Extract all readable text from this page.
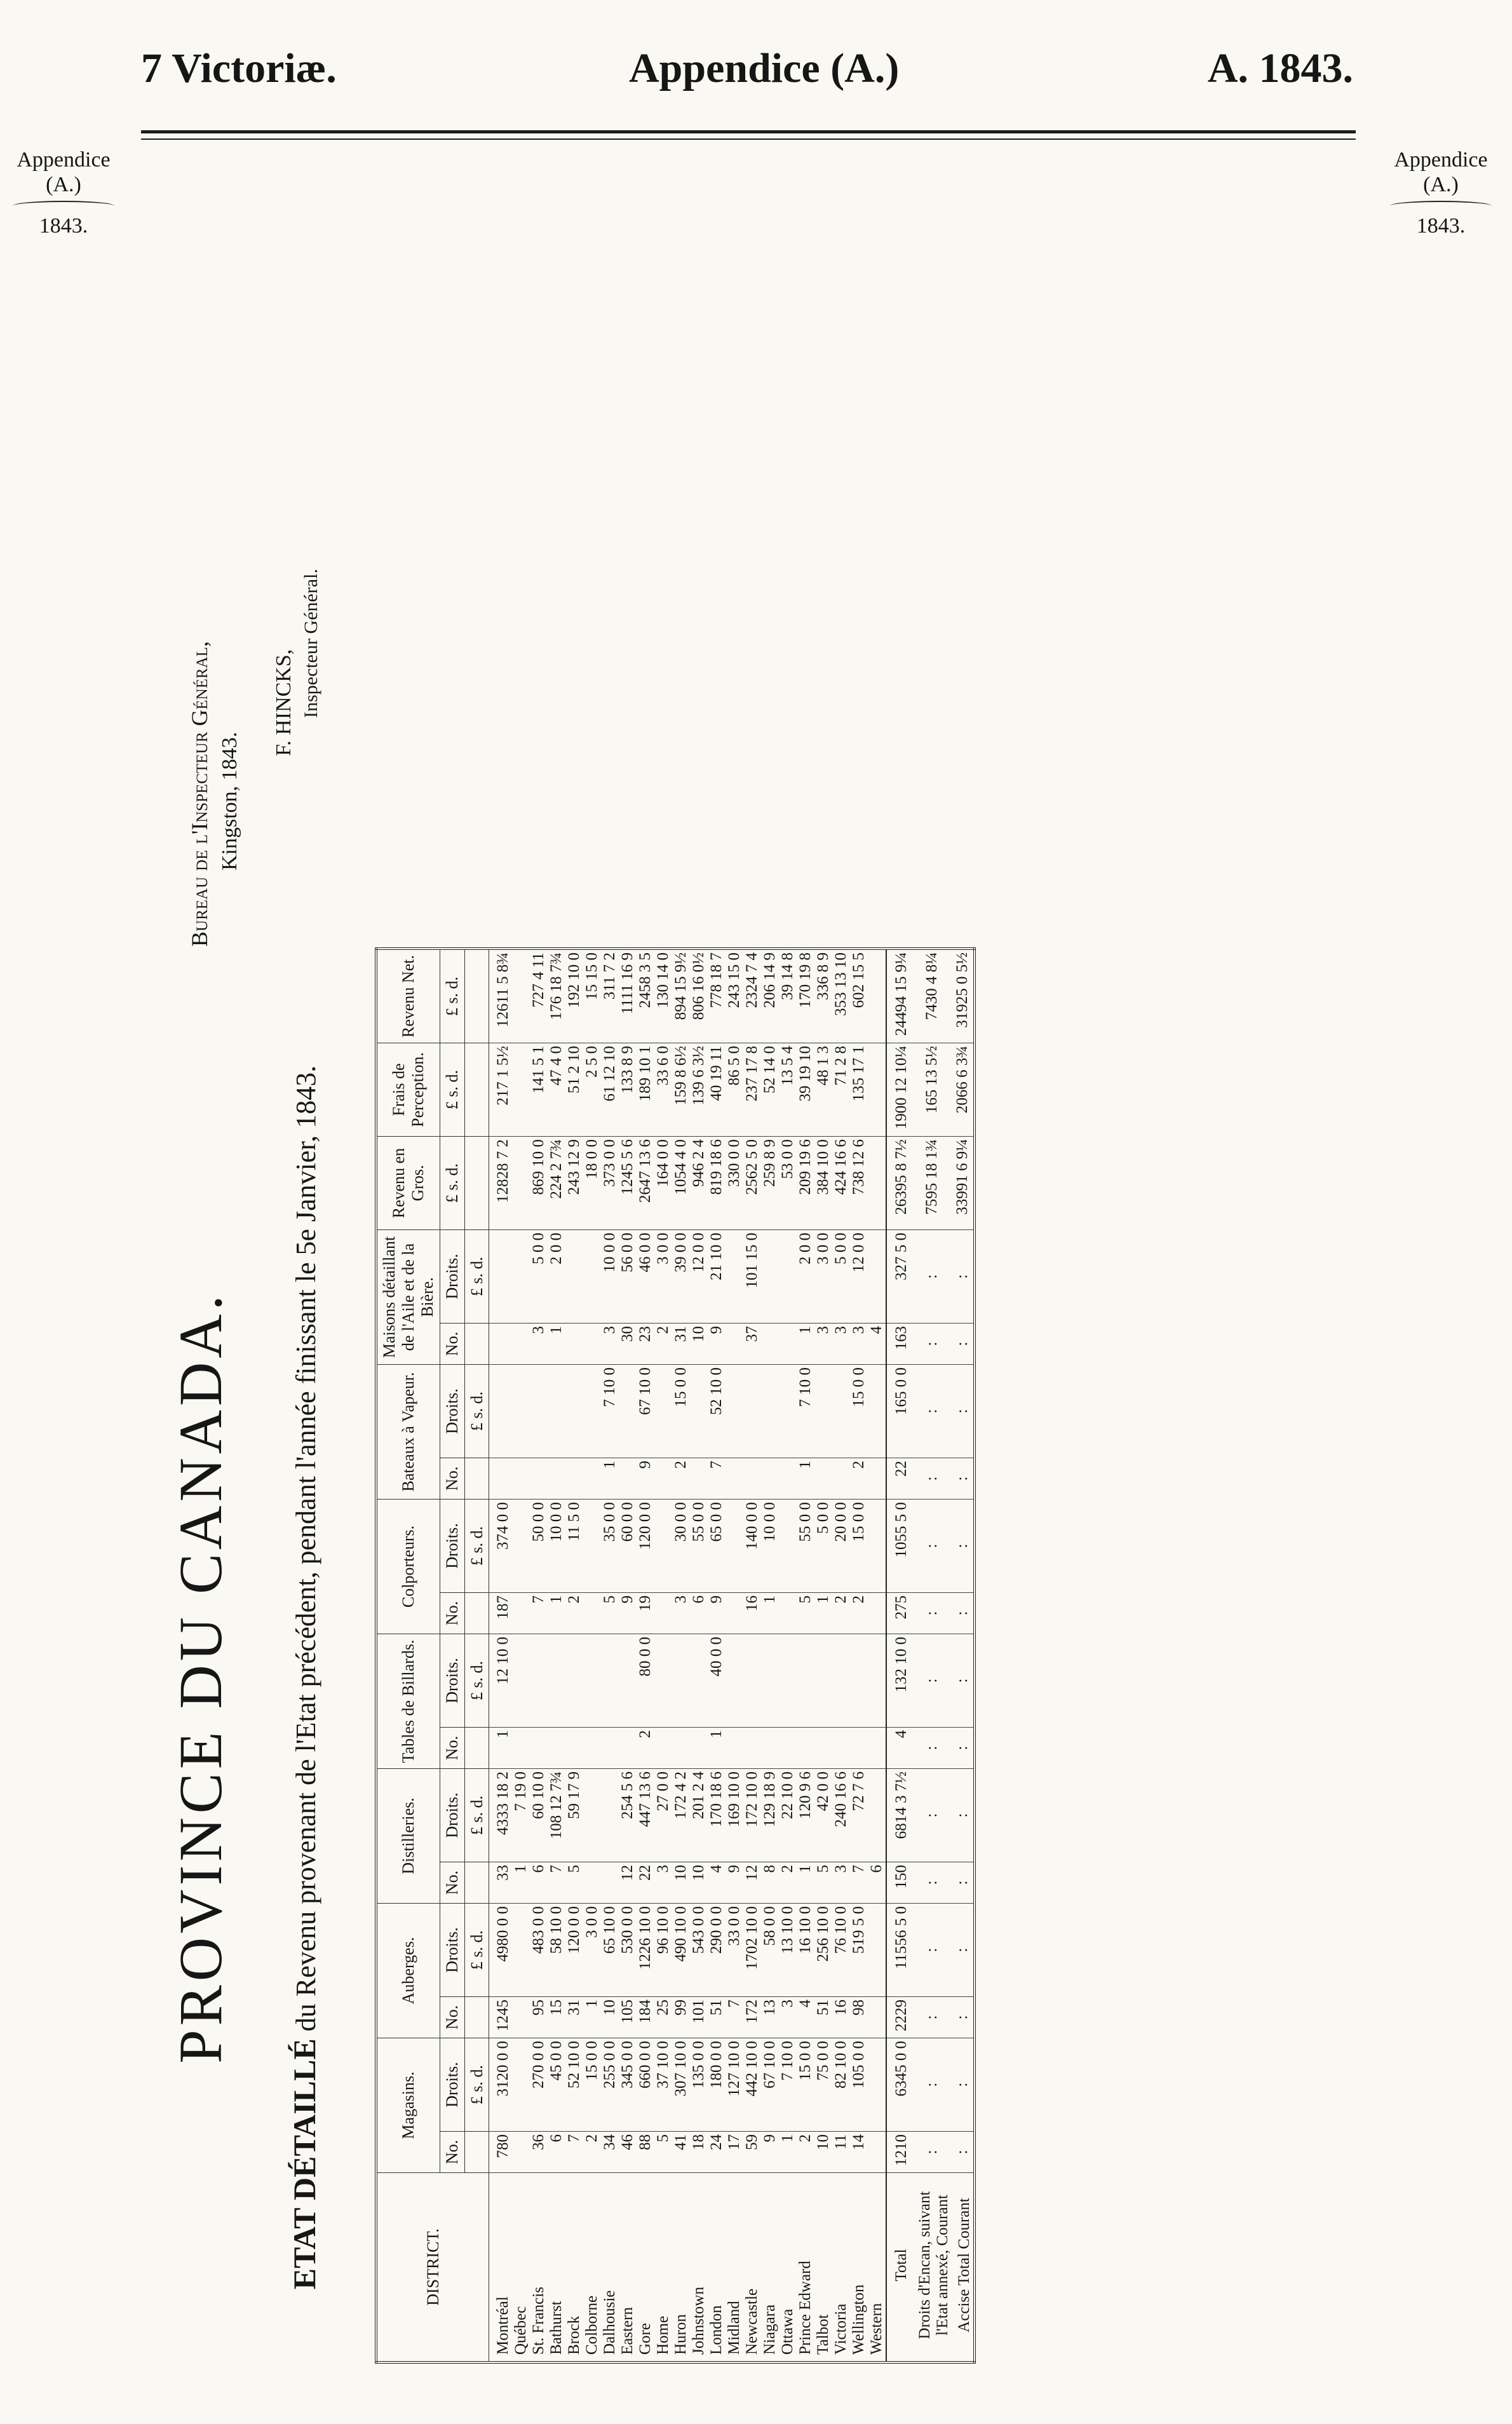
7 Victoriæ.	Appendice (A.)	A. 1843.
Appendice
(A.)
1843.
Appendice
(A.)
1843.
PROVINCE DU CANADA.
ETAT DÉTAILLÉ du Revenu provenant de l'Etat précédent, pendant l'année finissant le 5e Janvier, 1843.
DISTRICT.	Magasins.		Auberges.		Distilleries.		Tables de Billards.		Colporteurs.		Bateaux à Vapeur.		Maisons détaillant de l'Aile et de la Bière.		Revenu en Gros.	Frais de Perception.	Revenu Net.
	No.	Droits.	No.	Droits.	No.	Droits.	No.	Droits.	No.	Droits.	No.	Droits.	No.	Droits.	£ s. d.	£ s. d.	£ s. d.
		£ s. d.		£ s. d.		£ s. d.		£ s. d.		£ s. d.		£ s. d.		£ s. d.			
Montréal	780	3120 0 0	1245	4980 0 0	33	4333 18 2	1	12 10 0	187	374 0 0					12828 7 2	217 1 5½	12611 5 8¾
Québec					1	7 19 0											
St. Francis	36	270 0 0	95	483 0 0	6	60 10 0			7	50 0 0			3	5 0 0	869 10 0	141 5 1	727 4 11
Bathurst	6	45 0 0	15	58 10 0	7	108 12 7¾			1	10 0 0			1	2 0 0	224 2 7¾	47 4 0	176 18 7¾
Brock	7	52 10 0	31	120 0 0	5	59 17 9			2	11 5 0					243 12 9	51 2 10	192 10 0
Colborne	2	15 0 0	1	3 0 0											18 0 0	2 5 0	15 15 0
Dalhousie	34	255 0 0	10	65 10 0					5	35 0 0	1	7 10 0	3	10 0 0	373 0 0	61 12 10	311 7 2
Eastern	46	345 0 0	105	530 0 0	12	254 5 6			9	60 0 0			30	56 0 0	1245 5 6	133 8 9	1111 16 9
Gore	88	660 0 0	184	1226 10 0	22	447 13 6	2	80 0 0	19	120 0 0	9	67 10 0	23	46 0 0	2647 13 6	189 10 1	2458 3 5
Home	5	37 10 0	25	96 10 0	3	27 0 0							2	3 0 0	164 0 0	33 6 0	130 14 0
Huron	41	307 10 0	99	490 10 0	10	172 4 2			3	30 0 0	2	15 0 0	31	39 0 0	1054 4 0	159 8 6½	894 15 9½
Johnstown	18	135 0 0	101	543 0 0	10	201 2 4			6	55 0 0			10	12 0 0	946 2 4	139 6 3½	806 16 0½
London	24	180 0 0	51	290 0 0	4	170 18 6	1	40 0 0	9	65 0 0	7	52 10 0	9	21 10 0	819 18 6	40 19 11	778 18 7
Midland	17	127 10 0	7	33 0 0	9	169 10 0									330 0 0	86 5 0	243 15 0
Newcastle	59	442 10 0	172	1702 10 0	12	172 10 0			16	140 0 0			37	101 15 0	2562 5 0	237 17 8	2324 7 4
Niagara	9	67 10 0	13	58 0 0	8	129 18 9			1	10 0 0					259 8 9	52 14 0	206 14 9
Ottawa	1	7 10 0	3	13 10 0	2	22 10 0									53 0 0	13 5 4	39 14 8
Prince Edward	2	15 0 0	4	16 10 0	1	120 9 6			5	55 0 0	1	7 10 0	1	2 0 0	209 19 6	39 19 10	170 19 8
Talbot	10	75 0 0	51	256 10 0	5	42 0 0			1	5 0 0			3	3 0 0	384 10 0	48 1 3	336 8 9
Victoria	11	82 10 0	16	76 10 0	3	240 16 6			2	20 0 0			3	5 0 0	424 16 6	71 2 8	353 13 10
Wellington	14	105 0 0	98	519 5 0	7	72 7 6			2	15 0 0	2	15 0 0	3	12 0 0	738 12 6	135 17 1	602 15 5
Western					6								4				
Total	1210	6345 0 0	2229	11556 5 0	150	6814 3 7½	4	132 10 0	275	1055 5 0	22	165 0 0	163	327 5 0	26395 8 7½	1900 12 10¼	24494 15 9¼
Droits d'Encan, suivant l'Etat annexé, Courant	:	:	:	:	:	:	:	:	:	:	:	:	:	:	7595 18 1¾	165 13 5½	7430 4 8¼
Accise Total Courant	:	:	:	:	:	:	:	:	:	:	:	:	:	:	33991 6 9¼	2066 6 3¾	31925 0 5½
Bureau de l'Inspecteur Général, Kingston, 1843.
F. HINCKS, Inspecteur Général.
